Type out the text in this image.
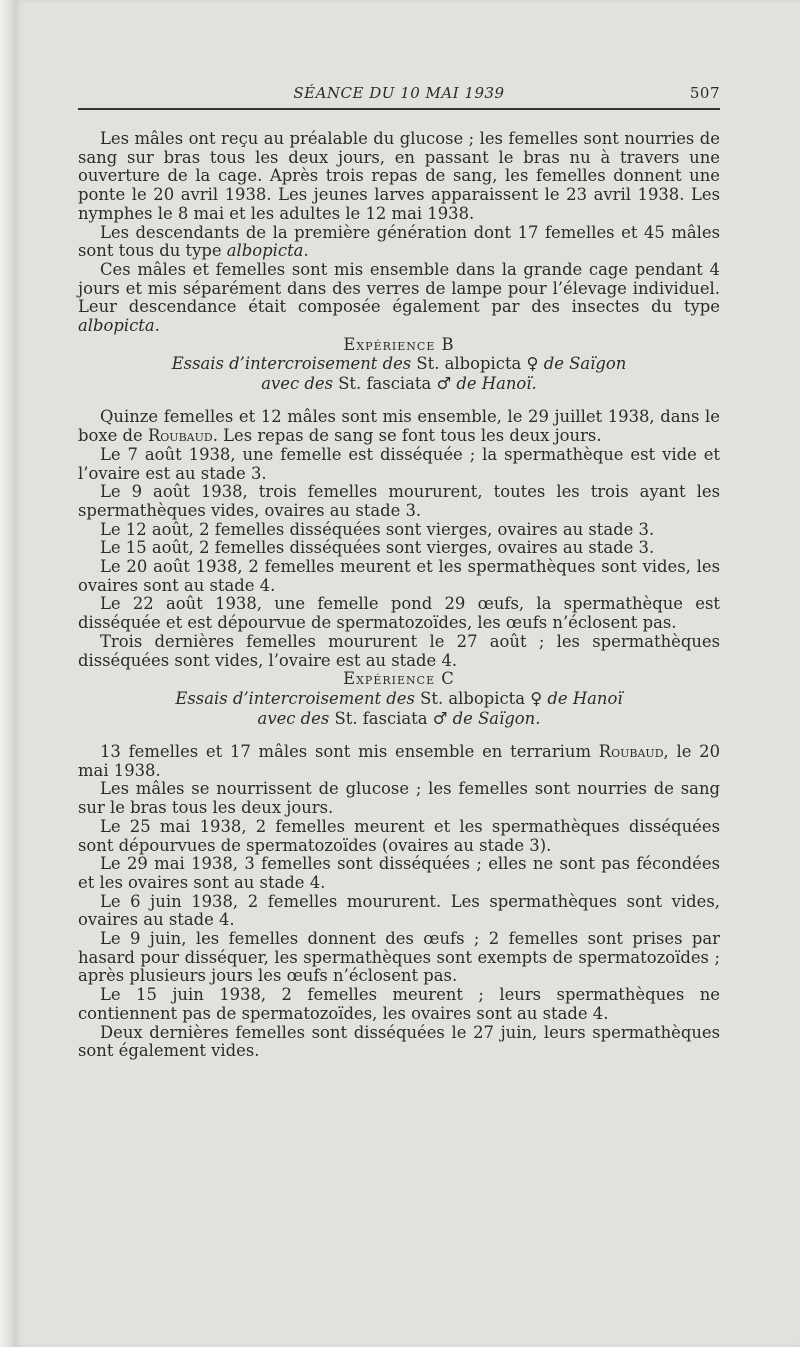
SÉANCE DU 10 MAI 1939	507

Les mâles ont reçu au préalable du glucose ; les femelles sont nourries de sang sur bras tous les deux jours, en passant le bras nu à travers une ouverture de la cage. Après trois repas de sang, les femelles donnent une ponte le 20 avril 1938. Les jeunes larves apparaissent le 23 avril 1938. Les nymphes le 8 mai et les adultes le 12 mai 1938.

Les descendants de la première génération dont 17 femelles et 45 mâles sont tous du type albopicta.

Ces mâles et femelles sont mis ensemble dans la grande cage pendant 4 jours et mis séparément dans des verres de lampe pour l’élevage individuel. Leur descendance était composée également par des insectes du type albopicta.

Expérience B

Essais d’intercroisement des St. albopicta ♀ de Saïgon
avec des St. fasciata ♂ de Hanoï.

Quinze femelles et 12 mâles sont mis ensemble, le 29 juillet 1938, dans le boxe de Roubaud. Les repas de sang se font tous les deux jours.

Le 7 août 1938, une femelle est disséquée ; la spermathèque est vide et l’ovaire est au stade 3.

Le 9 août 1938, trois femelles moururent, toutes les trois ayant les spermathèques vides, ovaires au stade 3.

Le 12 août, 2 femelles disséquées sont vierges, ovaires au stade 3.

Le 15 août, 2 femelles disséquées sont vierges, ovaires au stade 3.

Le 20 août 1938, 2 femelles meurent et les spermathèques sont vides, les ovaires sont au stade 4.

Le 22 août 1938, une femelle pond 29 œufs, la spermathèque est disséquée et est dépourvue de spermatozoïdes, les œufs n’éclosent pas.

Trois dernières femelles moururent le 27 août ; les spermathèques disséquées sont vides, l’ovaire est au stade 4.

Expérience C

Essais d’intercroisement des St. albopicta ♀ de Hanoï
avec des St. fasciata ♂ de Saïgon.

13 femelles et 17 mâles sont mis ensemble en terrarium Roubaud, le 20 mai 1938.

Les mâles se nourrissent de glucose ; les femelles sont nourries de sang sur le bras tous les deux jours.

Le 25 mai 1938, 2 femelles meurent et les spermathèques disséquées sont dépourvues de spermatozoïdes (ovaires au stade 3).

Le 29 mai 1938, 3 femelles sont disséquées ; elles ne sont pas fécondées et les ovaires sont au stade 4.

Le 6 juin 1938, 2 femelles moururent. Les spermathèques sont vides, ovaires au stade 4.

Le 9 juin, les femelles donnent des œufs ; 2 femelles sont prises par hasard pour disséquer, les spermathèques sont exempts de spermatozoïdes ; après plusieurs jours les œufs n’éclosent pas.

Le 15 juin 1938, 2 femelles meurent ; leurs spermathèques ne contiennent pas de spermatozoïdes, les ovaires sont au stade 4.

Deux dernières femelles sont disséquées le 27 juin, leurs spermathèques sont également vides.
